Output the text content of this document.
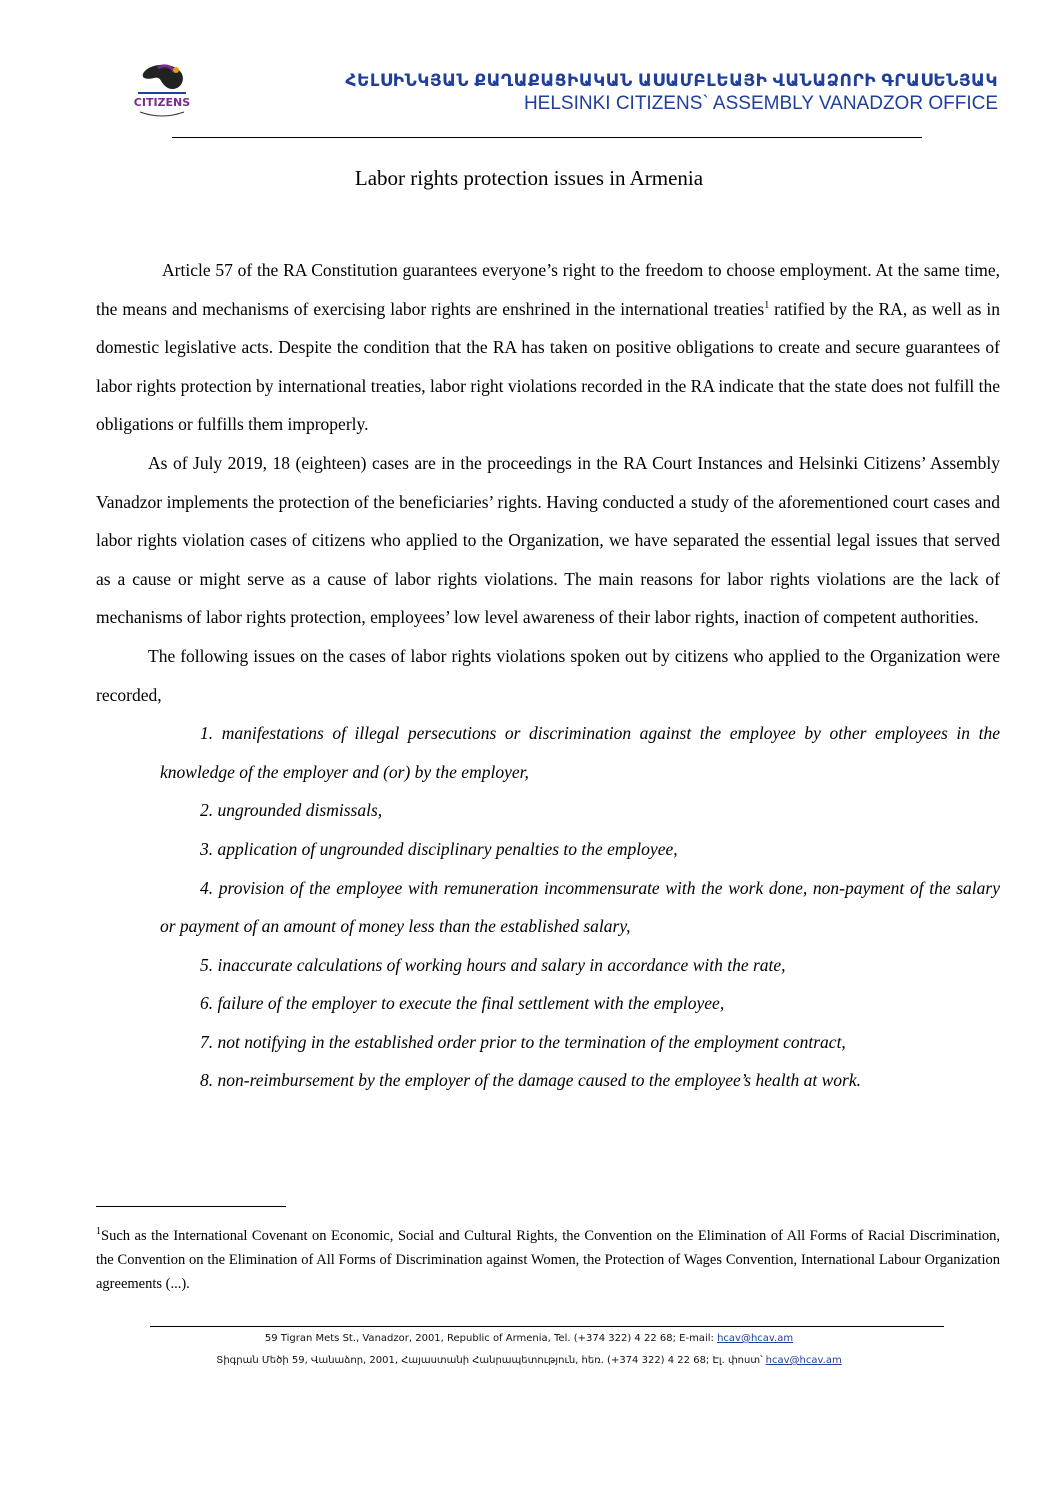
CITIZENS
ՀԵԼՍԻՆԿՅԱՆ ՔԱՂԱՔԱՑԻԱԿԱՆ ԱՍԱՄԲԼԵԱՅԻ ՎԱՆԱՁՈՐԻ ԳՐԱՍԵՆՅԱԿ
HELSINKI CITIZENS` ASSEMBLY VANADZOR OFFICE
Labor rights protection issues in Armenia

Article 57 of the RA Constitution guarantees everyone’s right to the freedom to choose employment. At the same time, the means and mechanisms of exercising labor rights are enshrined in the international treaties$^1$ ratified by the RA, as well as in domestic legislative acts. Despite the condition that the RA has taken on positive obligations to create and secure guarantees of labor rights protection by international treaties, labor right violations recorded in the RA indicate that the state does not fulfill the obligations or fulfills them improperly.

As of July 2019, 18 (eighteen) cases are in the proceedings in the RA Court Instances and Helsinki Citizens’ Assembly Vanadzor implements the protection of the beneficiaries’ rights. Having conducted a study of the aforementioned court cases and labor rights violation cases of citizens who applied to the Organization, we have separated the essential legal issues that served as a cause or might serve as a cause of labor rights violations. The main reasons for labor rights violations are the lack of mechanisms of labor rights protection, employees’ low level awareness of their labor rights, inaction of competent authorities.

The following issues on the cases of labor rights violations spoken out by citizens who applied to the Organization were recorded,

1. manifestations of illegal persecutions or discrimination against the employee by other employees in the knowledge of the employer and (or) by the employer,
2. ungrounded dismissals,
3. application of ungrounded disciplinary penalties to the employee,
4. provision of the employee with remuneration incommensurate with the work done, non-payment of the salary or payment of an amount of money less than the established salary,
5. inaccurate calculations of working hours and salary in accordance with the rate,
6. failure of the employer to execute the final settlement with the employee,
7. not notifying in the established order prior to the termination of the employment contract,
8. non-reimbursement by the employer of the damage caused to the employee’s health at work.
$^1$Such as the International Covenant on Economic, Social and Cultural Rights, the Convention on the Elimination of All Forms of Racial Discrimination, the Convention on the Elimination of All Forms of Discrimination against Women, the Protection of Wages Convention, International Labour Organization agreements (...).
59 Tigran Mets St., Vanadzor, 2001, Republic of Armenia, Tel. (+374 322) 4 22 68; E-mail: hcav@hcav.am
Տիգրան Մեծի 59, Վանաձոր, 2001, Հայաստանի Հանրապետություն, հեռ. (+374 322) 4 22 68; Էլ. փոստ՝ hcav@hcav.am
